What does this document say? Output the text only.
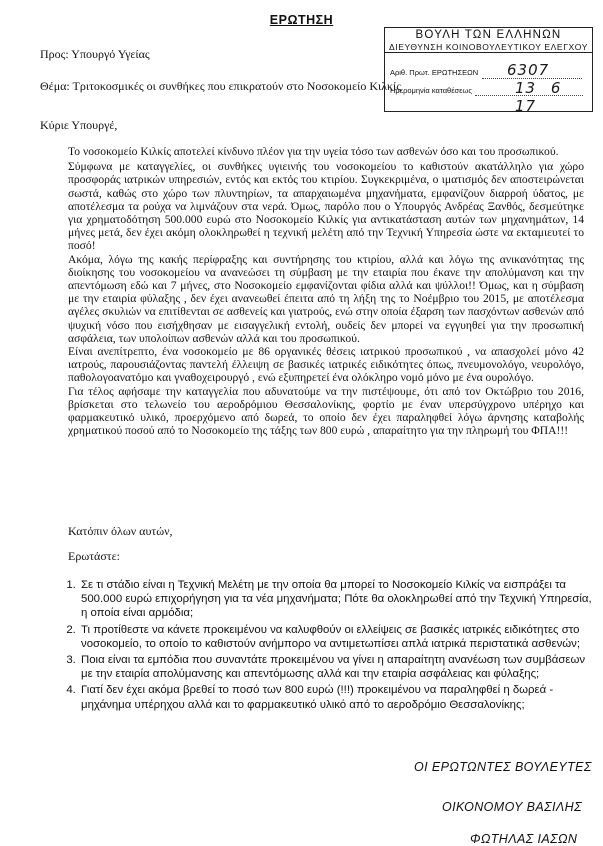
ΕΡΩΤΗΣΗ
Προς: Υπουργό Υγείας
Θέμα: Τριτοκοσμικές οι συνθήκες που επικρατούν στο Νοσοκομείο Κιλκίς
ΒΟΥΛΗ ΤΩΝ ΕΛΛΗΝΩΝ
ΔΙΕΥΘΥΝΣΗ ΚΟΙΝΟΒΟΥΛΕΥΤΙΚΟΥ ΕΛΕΓΧΟΥ
Αριθ. Πρωτ. ΕΡΩΤΗΣΕΩΝ 6307
Ημερομηνία καταθέσεως	13 6 17
Κύριε Υπουργέ,

Το νοσοκομείο Κιλκίς αποτελεί κίνδυνο πλέον για την υγεία τόσο των ασθενών όσο και του προσωπικού.

Σύμφωνα με καταγγελίες, οι συνθήκες υγιεινής του νοσοκομείου το καθιστούν ακατάλληλο για χώρο προσφοράς ιατρικών υπηρεσιών, εντός και εκτός του κτιρίου. Συγκεκριμένα, ο ιματισμός δεν αποστειρώνεται σωστά, καθώς στο χώρο των πλυντηρίων, τα απαρχαιωμένα μηχανήματα, εμφανίζουν διαρροή ύδατος, με αποτέλεσμα τα ρούχα να λιμνάζουν στα νερά. Όμως, παρόλο που ο Υπουργός Ανδρέας Ξανθός, δεσμεύτηκε για χρηματοδότηση 500.000 ευρώ στο Νοσοκομείο Κιλκίς για αντικατάσταση αυτών των μηχανημάτων, 14 μήνες μετά, δεν έχει ακόμη ολοκληρωθεί η τεχνική μελέτη από την Τεχνική Υπηρεσία ώστε να εκταμιευτεί το ποσό!

Ακόμα, λόγω της κακής περίφραξης και συντήρησης του κτιρίου, αλλά και λόγω της ανικανότητας της διοίκησης του νοσοκομείου να ανανεώσει τη σύμβαση με την εταιρία που έκανε την απολύμανση και την απεντόμωση εδώ και 7 μήνες, στο Νοσοκομείο εμφανίζονται φίδια αλλά και ψύλλοι!! Όμως, και η σύμβαση με την εταιρία φύλαξης , δεν έχει ανανεωθεί έπειτα από τη λήξη της το Νοέμβριο του 2015, με αποτέλεσμα αγέλες σκυλιών να επιτίθενται σε ασθενείς και γιατρούς, ενώ στην οποία έξαρση των πασχόντων ασθενών από ψυχική νόσο που εισήχθησαν με εισαγγελική εντολή, ουδείς δεν μπορεί να εγγυηθεί για την προσωπική ασφάλεια, των υπολοίπων ασθενών αλλά και του προσωπικού.

Είναι ανεπίτρεπτο, ένα νοσοκομείο με 86 οργανικές θέσεις ιατρικού προσωπικού , να απασχολεί μόνο 42 ιατρούς, παρουσιάζοντας παντελή έλλειψη σε βασικές ιατρικές ειδικότητες όπως, πνευμονολόγο, νευρολόγο, παθολογοανατόμο και γναθοχειρουργό , ενώ εξυπηρετεί ένα ολόκληρο νομό μόνο με ένα ουρολόγο.

Για τέλος αφήσαμε την καταγγελία που αδυνατούμε να την πιστέψουμε, ότι από τον Οκτώβριο του 2016, βρίσκεται στο τελωνείο του αεροδρόμιου Θεσσαλονίκης, φορτίο με έναν υπερσύγχρονο υπέρηχο και φαρμακευτικό υλικό, προερχόμενο από δωρεά, το οποίο δεν έχει παραληφθεί λόγω άρνησης καταβολής χρηματικού ποσού από το Νοσοκομείο της τάξης των 800 ευρώ , απαραίτητο για την πληρωμή του ΦΠΑ!!!

Κατόπιν όλων αυτών,
Ερωτάστε:
1. Σε τι στάδιο είναι η Τεχνική Μελέτη με την οποία θα μπορεί το Νοσοκομείο Κιλκίς να εισπράξει τα 500.000 ευρώ επιχορήγηση για τα νέα μηχανήματα; Πότε θα ολοκληρωθεί από την Τεχνική Υπηρεσία, η οποία είναι αρμόδια;
2. Τι προτίθεστε να κάνετε προκειμένου να καλυφθούν οι ελλείψεις σε βασικές ιατρικές ειδικότητες στο νοσοκομείο, το οποίο το καθιστούν ανήμπορο να αντιμετωπίσει απλά ιατρικά περιστατικά ασθενών;
3. Ποια είναι τα εμπόδια που συναντάτε προκειμένου να γίνει η απαραίτητη ανανέωση των συμβάσεων με την εταιρία απολύμανσης και απεντόμωσης αλλά και την εταιρία ασφάλειας και φύλαξης;
4. Γιατί δεν έχει ακόμα βρεθεί το ποσό των 800 ευρώ (!!!) προκειμένου να παραληφθεί η δωρεά - μηχάνημα υπέρηχου αλλά και το φαρμακευτικό υλικό από το αεροδρόμιο Θεσσαλονίκης;
ΟΙ ΕΡΩΤΩΝΤΕΣ ΒΟΥΛΕΥΤΕΣ
ΟΙΚΟΝΟΜΟΥ ΒΑΣΙΛΗΣ
ΦΩΤΗΛΑΣ ΙΑΣΩΝ
